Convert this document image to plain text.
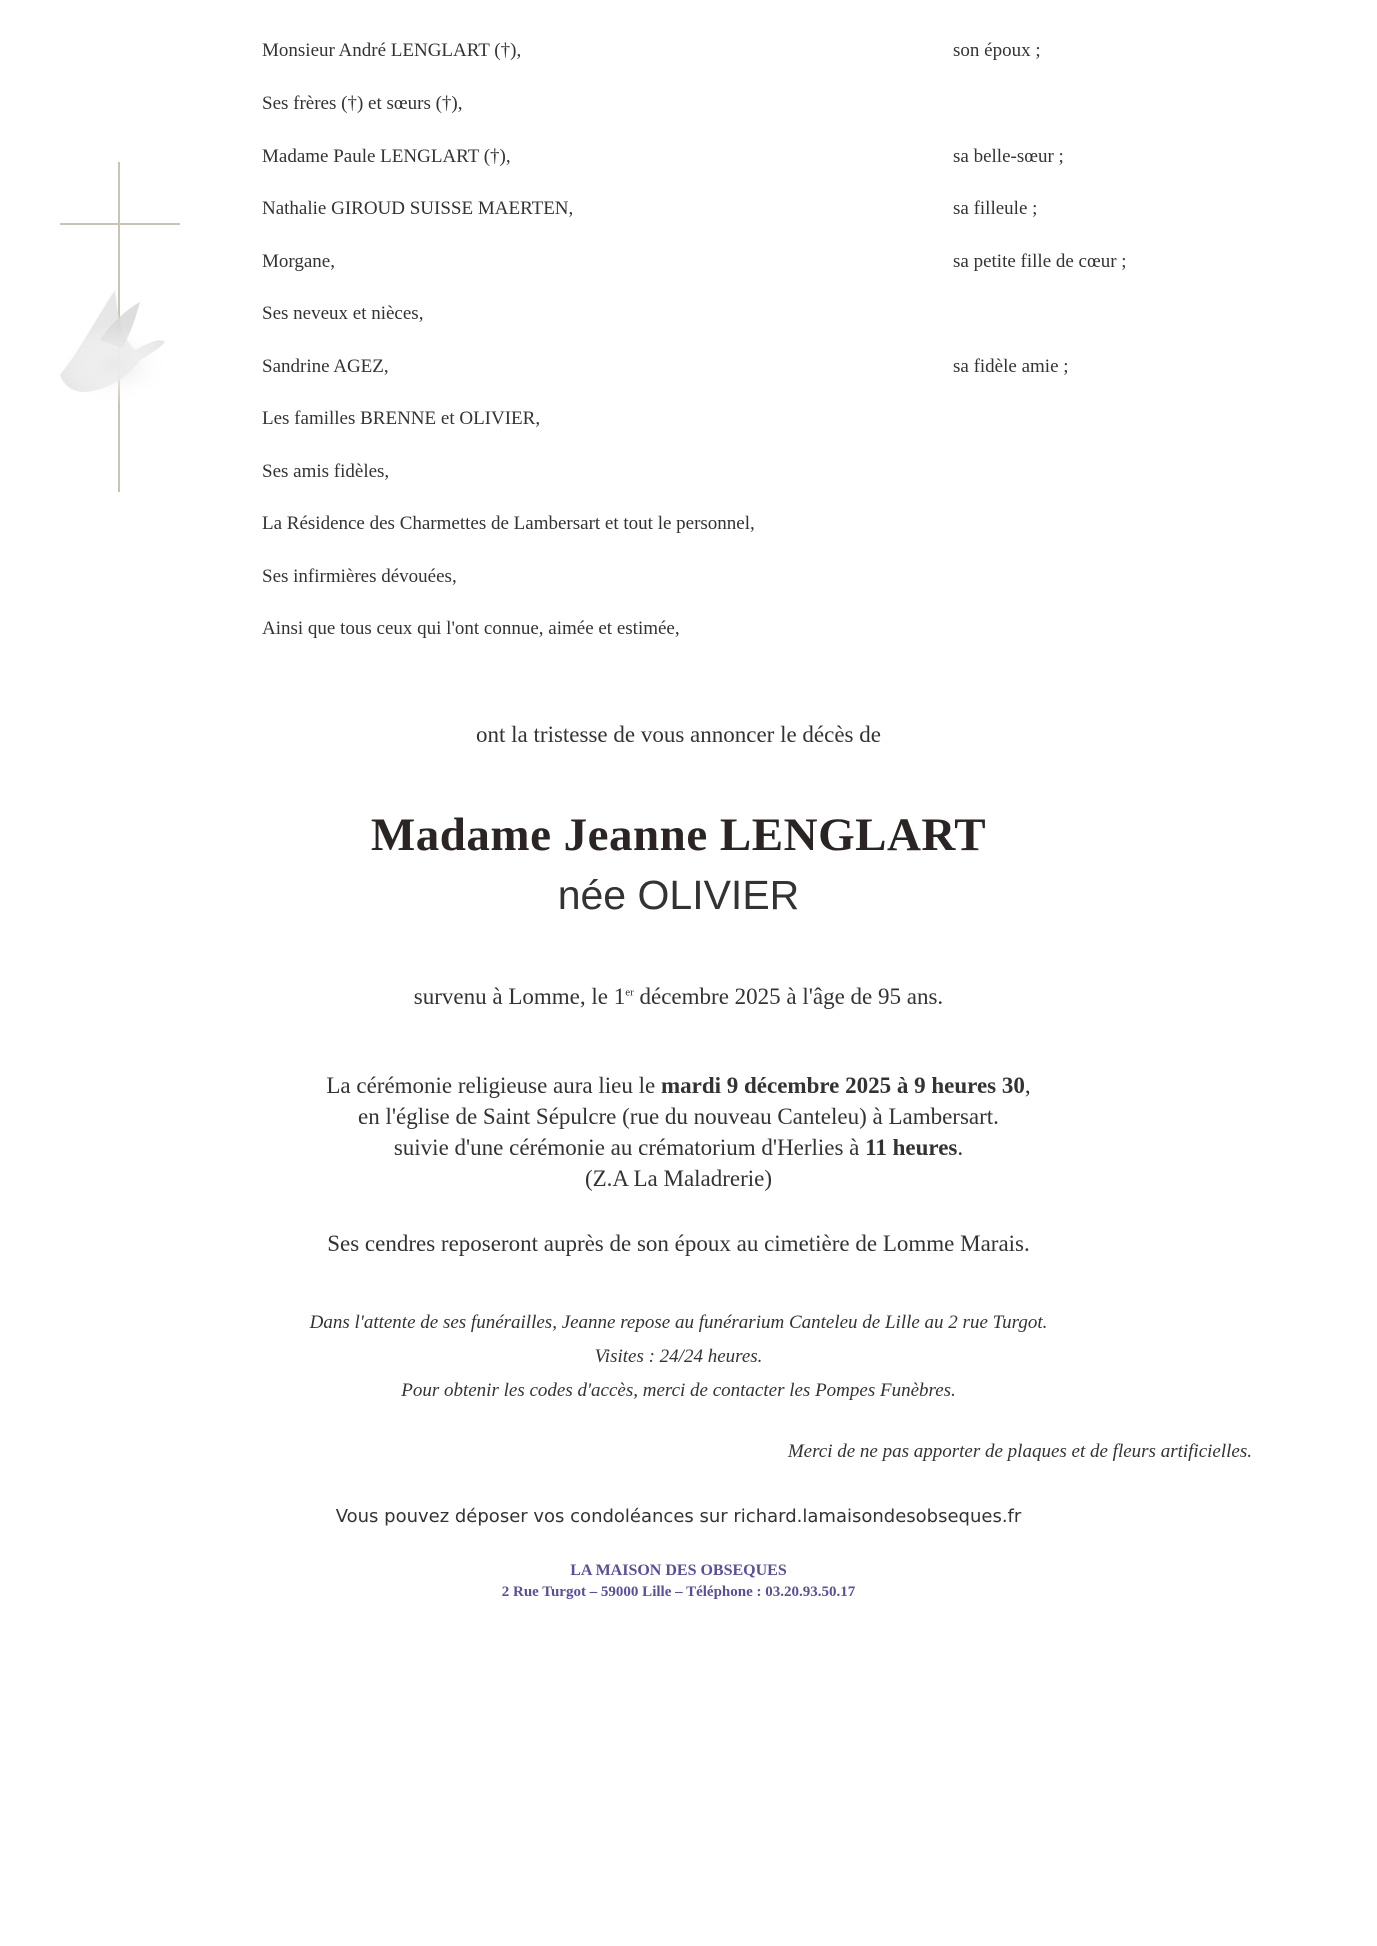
Monsieur André LENGLART (†),	son époux ;
Ses frères (†) et sœurs (†),
Madame Paule LENGLART (†),	sa belle-sœur ;
Nathalie GIROUD SUISSE MAERTEN,	sa filleule ;
Morgane,	sa petite fille de cœur ;
Ses neveux et nièces,
Sandrine AGEZ,	sa fidèle amie ;
Les familles BRENNE et OLIVIER,
Ses amis fidèles,
La Résidence des Charmettes de Lambersart et tout le personnel,
Ses infirmières dévouées,
Ainsi que tous ceux qui l'ont connue, aimée et estimée,
ont la tristesse de vous annoncer le décès de
Madame Jeanne LENGLART
née OLIVIER
survenu à Lomme, le 1er décembre 2025 à l'âge de 95 ans.
La cérémonie religieuse aura lieu le mardi 9 décembre 2025 à 9 heures 30,
en l'église de Saint Sépulcre (rue du nouveau Canteleu) à Lambersart.
suivie d'une cérémonie au crématorium d'Herlies à 11 heures.
(Z.A La Maladrerie)
Ses cendres reposeront auprès de son époux au cimetière de Lomme Marais.
Dans l'attente de ses funérailles, Jeanne repose au funérarium Canteleu de Lille au 2 rue Turgot.
Visites : 24/24 heures.
Pour obtenir les codes d'accès, merci de contacter les Pompes Funèbres.
Merci de ne pas apporter de plaques et de fleurs artificielles.
Vous pouvez déposer vos condoléances sur richard.lamaisondesobseques.fr
LA MAISON DES OBSEQUES
2 Rue Turgot – 59000 Lille – Téléphone : 03.20.93.50.17
